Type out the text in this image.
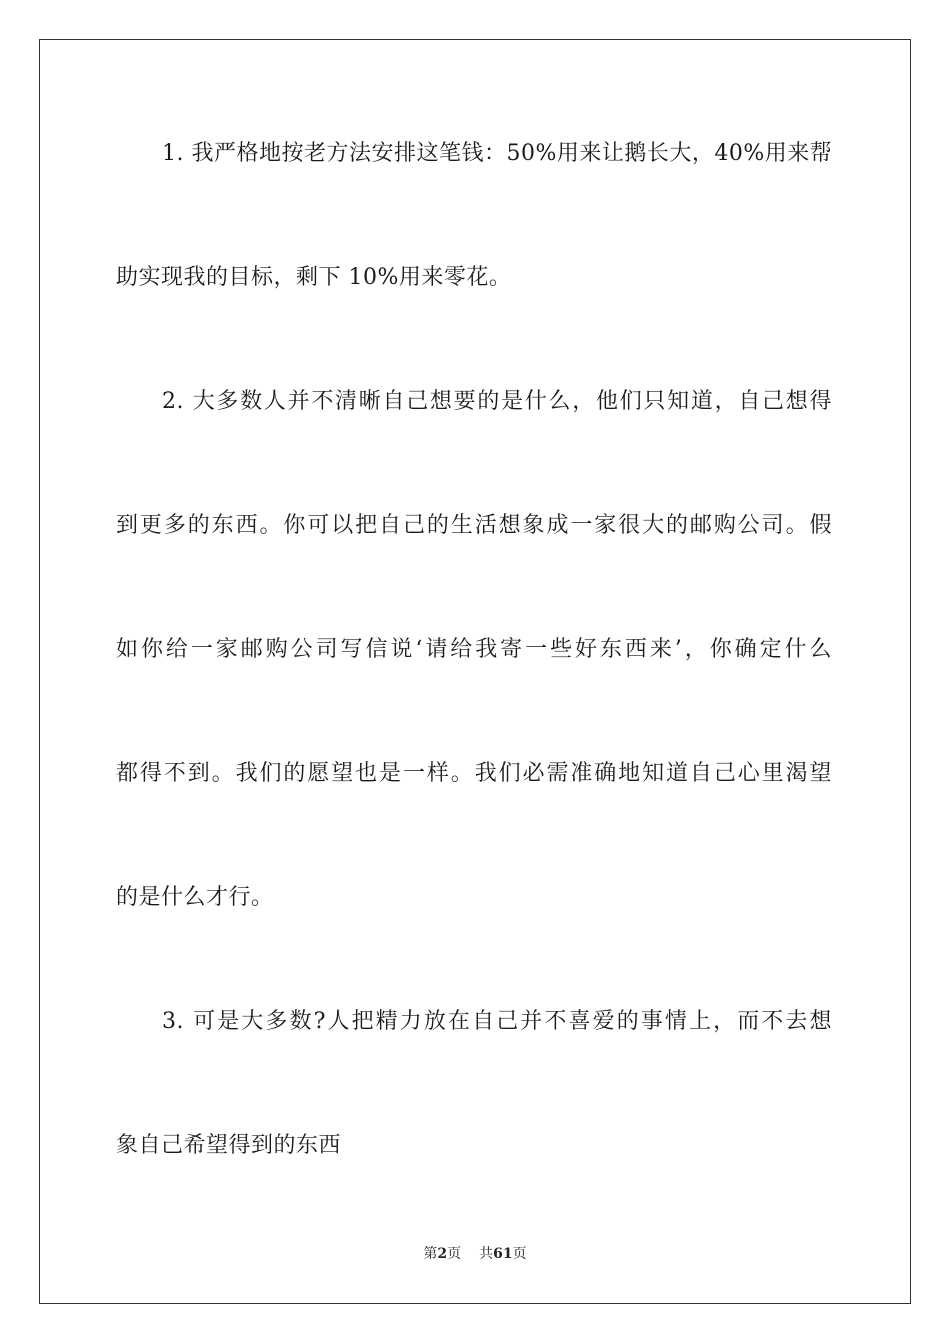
1. 我严格地按老方法安排这笔钱：50%用来让鹅长大，40%用来帮
助实现我的目标，剩下 10%用来零花。
2. 大多数人并不清晰自己想要的是什么，他们只知道，自己想得
到更多的东西。你可以把自己的生活想象成一家很大的邮购公司。假
如你给一家邮购公司写信说‘请给我寄一些好东西来’，你确定什么
都得不到。我们的愿望也是一样。我们必需准确地知道自己心里渴望
的是什么才行。
3. 可是大多数?人把精力放在自己并不喜爱的事情上，而不去想
象自己希望得到的东西
第2页 共61页
